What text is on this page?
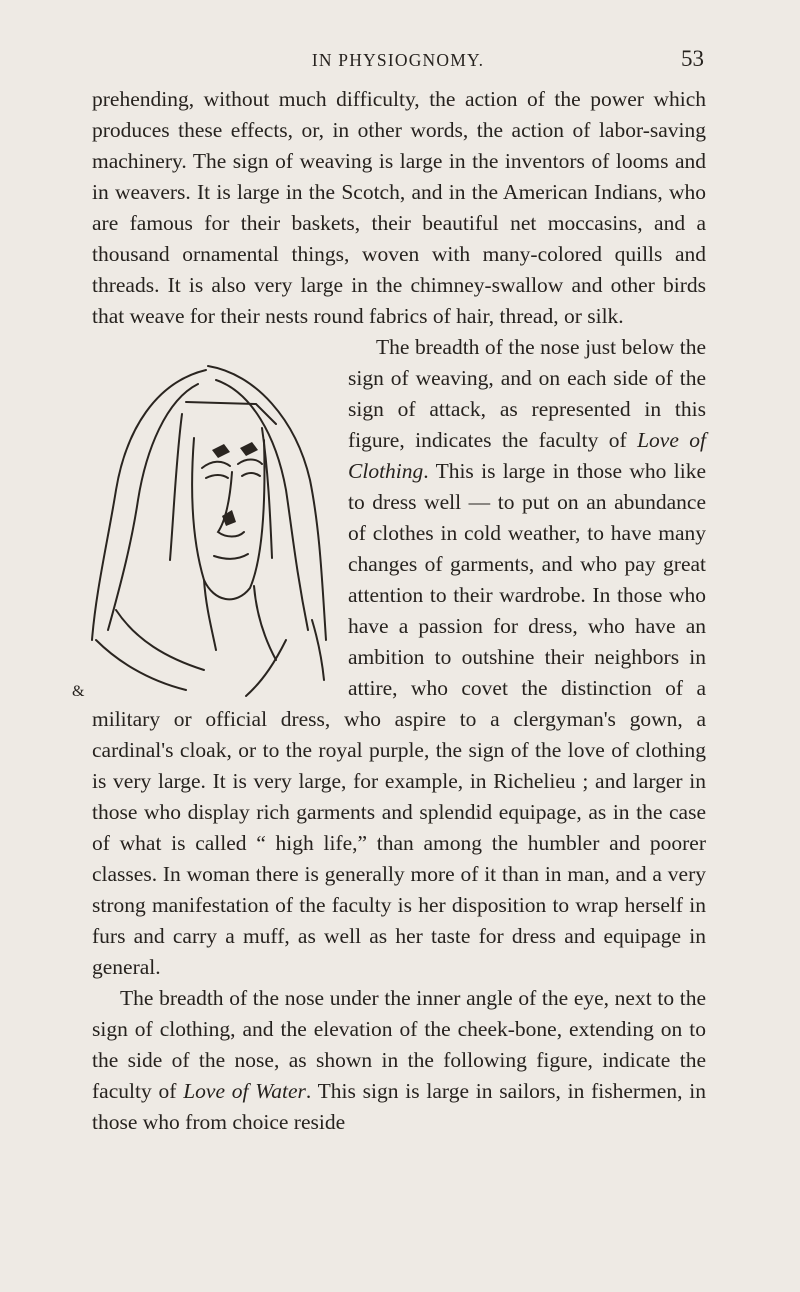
IN PHYSIOGNOMY.	53
&

prehending, without much difficulty, the action of the power which produces these effects, or, in other words, the action of labor-saving machinery. The sign of weaving is large in the inventors of looms and in weavers. It is large in the Scotch, and in the American Indians, who are famous for their baskets, their beautiful net moccasins, and a thousand ornamental things, woven with many-colored quills and threads. It is also very large in the chimney-swallow and other birds that weave for their nests round fabrics of hair, thread, or silk.

The breadth of the nose just below the sign of weaving, and on each side of the sign of attack, as represented in this figure, indicates the faculty of Love of Clothing. This is large in those who like to dress well — to put on an abundance of clothes in cold weather, to have many changes of garments, and who pay great attention to their wardrobe. In those who have a passion for dress, who have an ambition to outshine their neighbors in attire, who covet the distinction of a military or official dress, who aspire to a clergyman's gown, a cardinal's cloak, or to the royal purple, the sign of the love of clothing is very large. It is very large, for example, in Richelieu ; and larger in those who display rich garments and splendid equipage, as in the case of what is called “ high life,” than among the humbler and poorer classes. In woman there is generally more of it than in man, and a very strong manifestation of the faculty is her disposition to wrap herself in furs and carry a muff, as well as her taste for dress and equipage in general.

The breadth of the nose under the inner angle of the eye, next to the sign of clothing, and the elevation of the cheek-bone, extending on to the side of the nose, as shown in the following figure, indicate the faculty of Love of Water. This sign is large in sailors, in fishermen, in those who from choice reside
